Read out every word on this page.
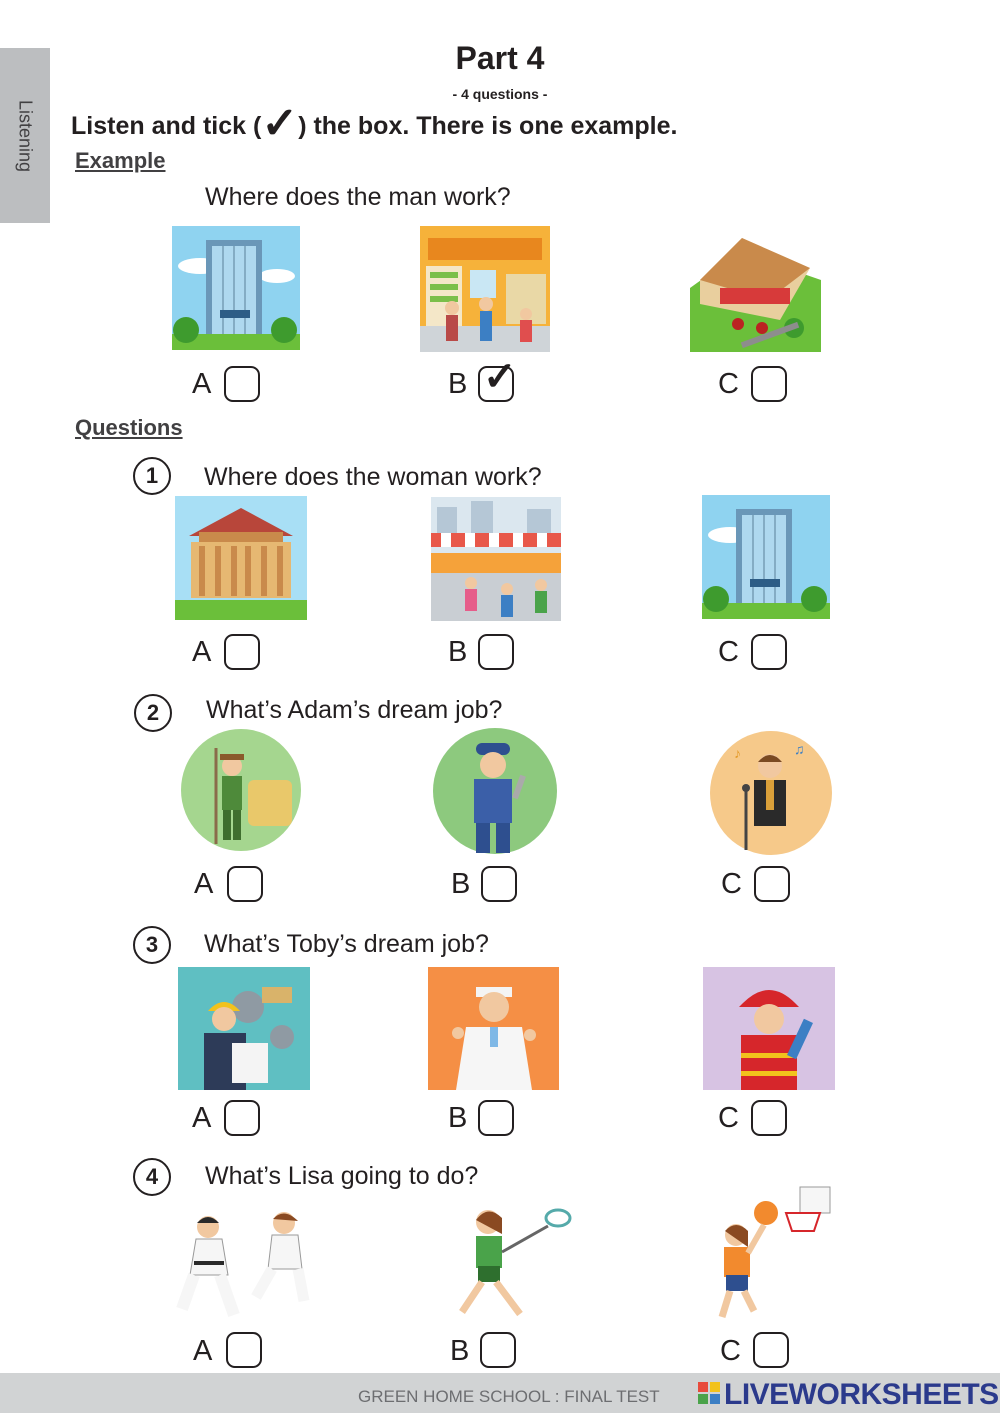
Listening
Part 4
- 4 questions -
Listen and tick (✓) the box. There is one example.
Example
Where does the man work?
A	B ✓	C
Questions
1	Where does the woman work?
A	B	C
2	What’s Adam’s dream job?
♪	♫
A	B	C
3	What’s Toby’s dream job?
A	B	C
4	What’s Lisa going to do?
A	B	C
GREEN HOME SCHOOL : FINAL TEST LIVEWORKSHEETS
